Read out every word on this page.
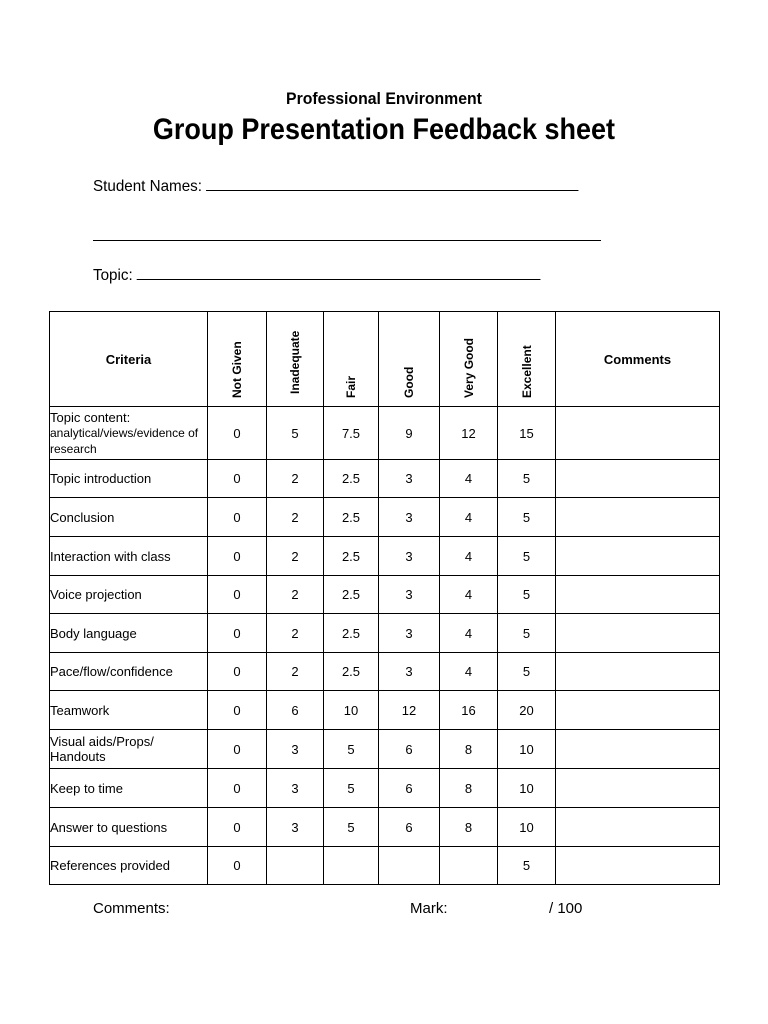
Professional Environment
Group Presentation Feedback sheet
Student Names:
Topic:
Criteria	Not Given	Inadequate	Fair	Good	Very Good	Excellent	Comments
Topic content:
analytical/views/evidence of
research	0	5	7.5	9	12	15	
Topic introduction	0	2	2.5	3	4	5	
Conclusion	0	2	2.5	3	4	5	
Interaction with class	0	2	2.5	3	4	5	
Voice projection	0	2	2.5	3	4	5	
Body language	0	2	2.5	3	4	5	
Pace/flow/confidence	0	2	2.5	3	4	5	
Teamwork	0	6	10	12	16	20	
Visual aids/Props/
Handouts	0	3	5	6	8	10	
Keep to time	0	3	5	6	8	10	
Answer to questions	0	3	5	6	8	10	
References provided	0					5	
Comments:	Mark:	/ 100
